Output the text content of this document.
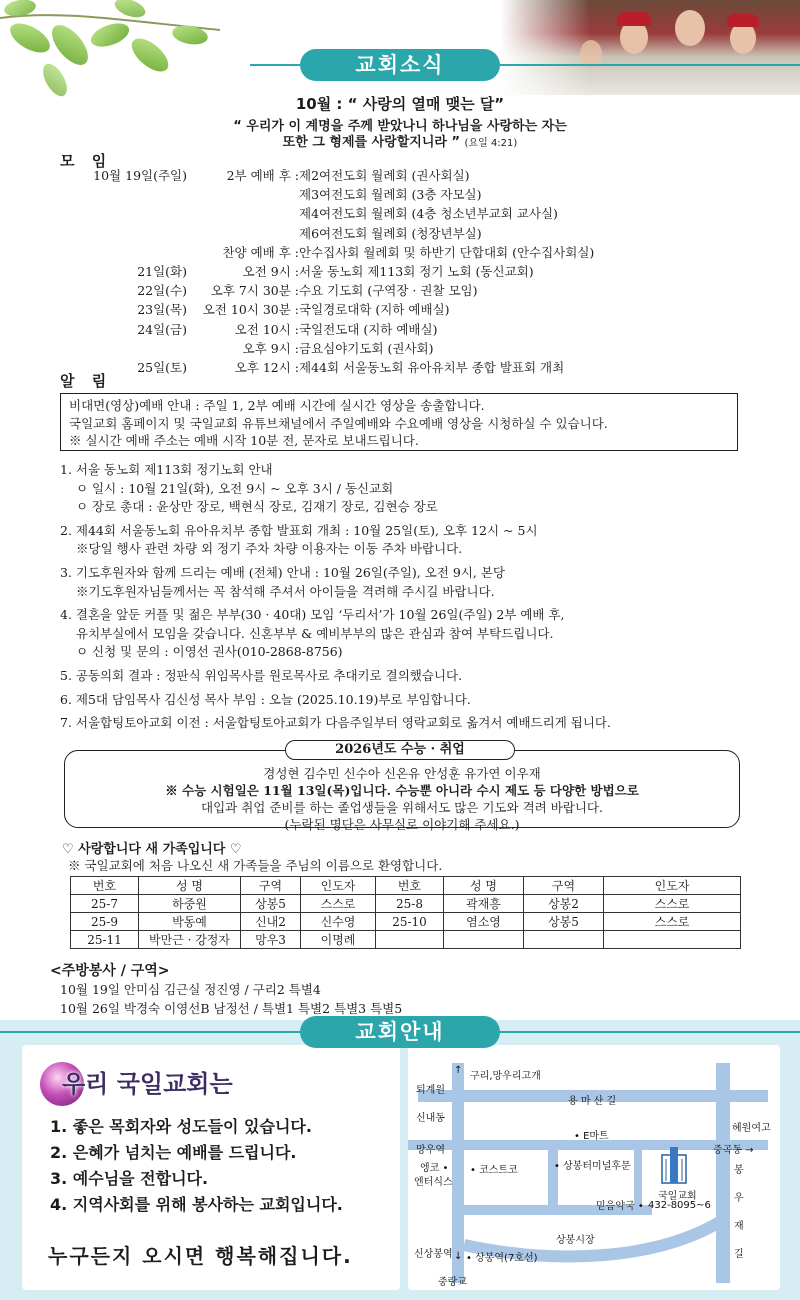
교회소식
10월 : “ 사랑의 열매 맺는 달”
“ 우리가 이 계명을 주께 받았나니 하나님을 사랑하는 자는
또한 그 형제를 사랑할지니라 ” (요일 4:21)
모 임
10월 19일(주일)	2부 예배 후 : 제2여전도회 월례회 (권사회실)
제3여전도회 월례회 (3층 자모실)
제4여전도회 월례회 (4층 청소년부교회 교사실)
제6여전도회 월례회 (청장년부실)
찬양 예배 후 : 안수집사회 월례회 및 하반기 단합대회 (안수집사회실)
21일(화)	오전 9시 : 서울 동노회 제113회 정기 노회 (동신교회)
22일(수)	오후 7시 30분 : 수요 기도회 (구역장 · 권찰 모임)
23일(목)	오전 10시 30분 : 국일경로대학 (지하 예배실)
24일(금)	오전 10시 : 국일전도대 (지하 예배실)
오후 9시 : 금요심야기도회 (권사회)
25일(토)	오후 12시 : 제44회 서울동노회 유아유치부 종합 발표회 개최
알 림
비대면(영상)예배 안내 : 주일 1, 2부 예배 시간에 실시간 영상을 송출합니다.
국일교회 홈페이지 및 국일교회 유튜브채널에서 주일예배와 수요예배 영상을 시청하실 수 있습니다.
※ 실시간 예배 주소는 예배 시작 10분 전, 문자로 보내드립니다.
1. 서울 동노회 제113회 정기노회 안내
ㅇ 일시 : 10월 21일(화), 오전 9시 ~ 오후 3시 / 동신교회
ㅇ 장로 총대 : 윤상만 장로, 백현식 장로, 김재기 장로, 김현승 장로
2. 제44회 서울동노회 유아유치부 종합 발표회 개최 : 10월 25일(토), 오후 12시 ~ 5시
※당일 행사 관련 차량 외 정기 주차 차량 이용자는 이동 주차 바랍니다.
3. 기도후원자와 함께 드리는 예배 (전체) 안내 : 10월 26일(주일), 오전 9시, 본당
※기도후원자님들께서는 꼭 참석해 주셔서 아이들을 격려해 주시길 바랍니다.
4. 결혼을 앞둔 커플 및 젊은 부부(30 · 40대) 모임 ‘두리서’가 10월 26일(주일) 2부 예배 후,
유치부실에서 모임을 갖습니다. 신혼부부 & 예비부부의 많은 관심과 참여 부탁드립니다.
ㅇ 신청 및 문의 : 이영선 권사(010-2868-8756)
5. 공동의회 결과 : 정판식 위임목사를 원로목사로 추대키로 결의했습니다.
6. 제5대 담임목사 김신성 목사 부임 : 오늘 (2025.10.19)부로 부임합니다.
7. 서울합팅토아교회 이전 : 서울합팅토아교회가 다음주일부터 영락교회로 옮겨서 예배드리게 됩니다.
2026년도 수능 · 취업
경성현 김수민 신수아 신온유 안성훈 유가연 이우재
※ 수능 시험일은 11월 13일(목)입니다. 수능뿐 아니라 수시 제도 등 다양한 방법으로
대입과 취업 준비를 하는 졸업생들을 위해서도 많은 기도와 격려 바랍니다.
(누락된 명단은 사무실로 이야기해 주세요.)
♡ 사랑합니다 새 가족입니다 ♡
※ 국일교회에 처음 나오신 새 가족들을 주님의 이름으로 환영합니다.
번호	성 명	구역	인도자	번호	성 명	구역	인도자
25-7	하중원	상봉5	스스로	25-8	곽재흥	상봉2	스스로
25-9	박동예	신내2	신수영	25-10	염소영	상봉5	스스로
25-11	박만근 · 강정자	망우3	이명례				
<주방봉사 / 구역>
10월 19일 안미심 김근실 정진영 / 구리2 특별4
10월 26일 박경숙 이영선B 남정선 / 특별1 특별2 특별3 특별5
교회안내
우리 국일교회는
1. 좋은 목회자와 성도들이 있습니다.
2. 은혜가 넘치는 예배를 드립니다.
3. 예수님을 전합니다.
4. 지역사회를 위해 봉사하는 교회입니다.
누구든지 오시면 행복해집니다.
↑
구리,망우리고개
퇴계원
용 마 산 길
신내동
혜원여고
• E마트
망우역	중곡동 →
엥코 •
엔터식스
• 코스트코	• 상봉터미널후문	봉
우
재
길
믿음약국 •
국일교회
432-8095~6
상봉시장
신상봉역 ↓ • 상봉역(7호선)
중랑교
